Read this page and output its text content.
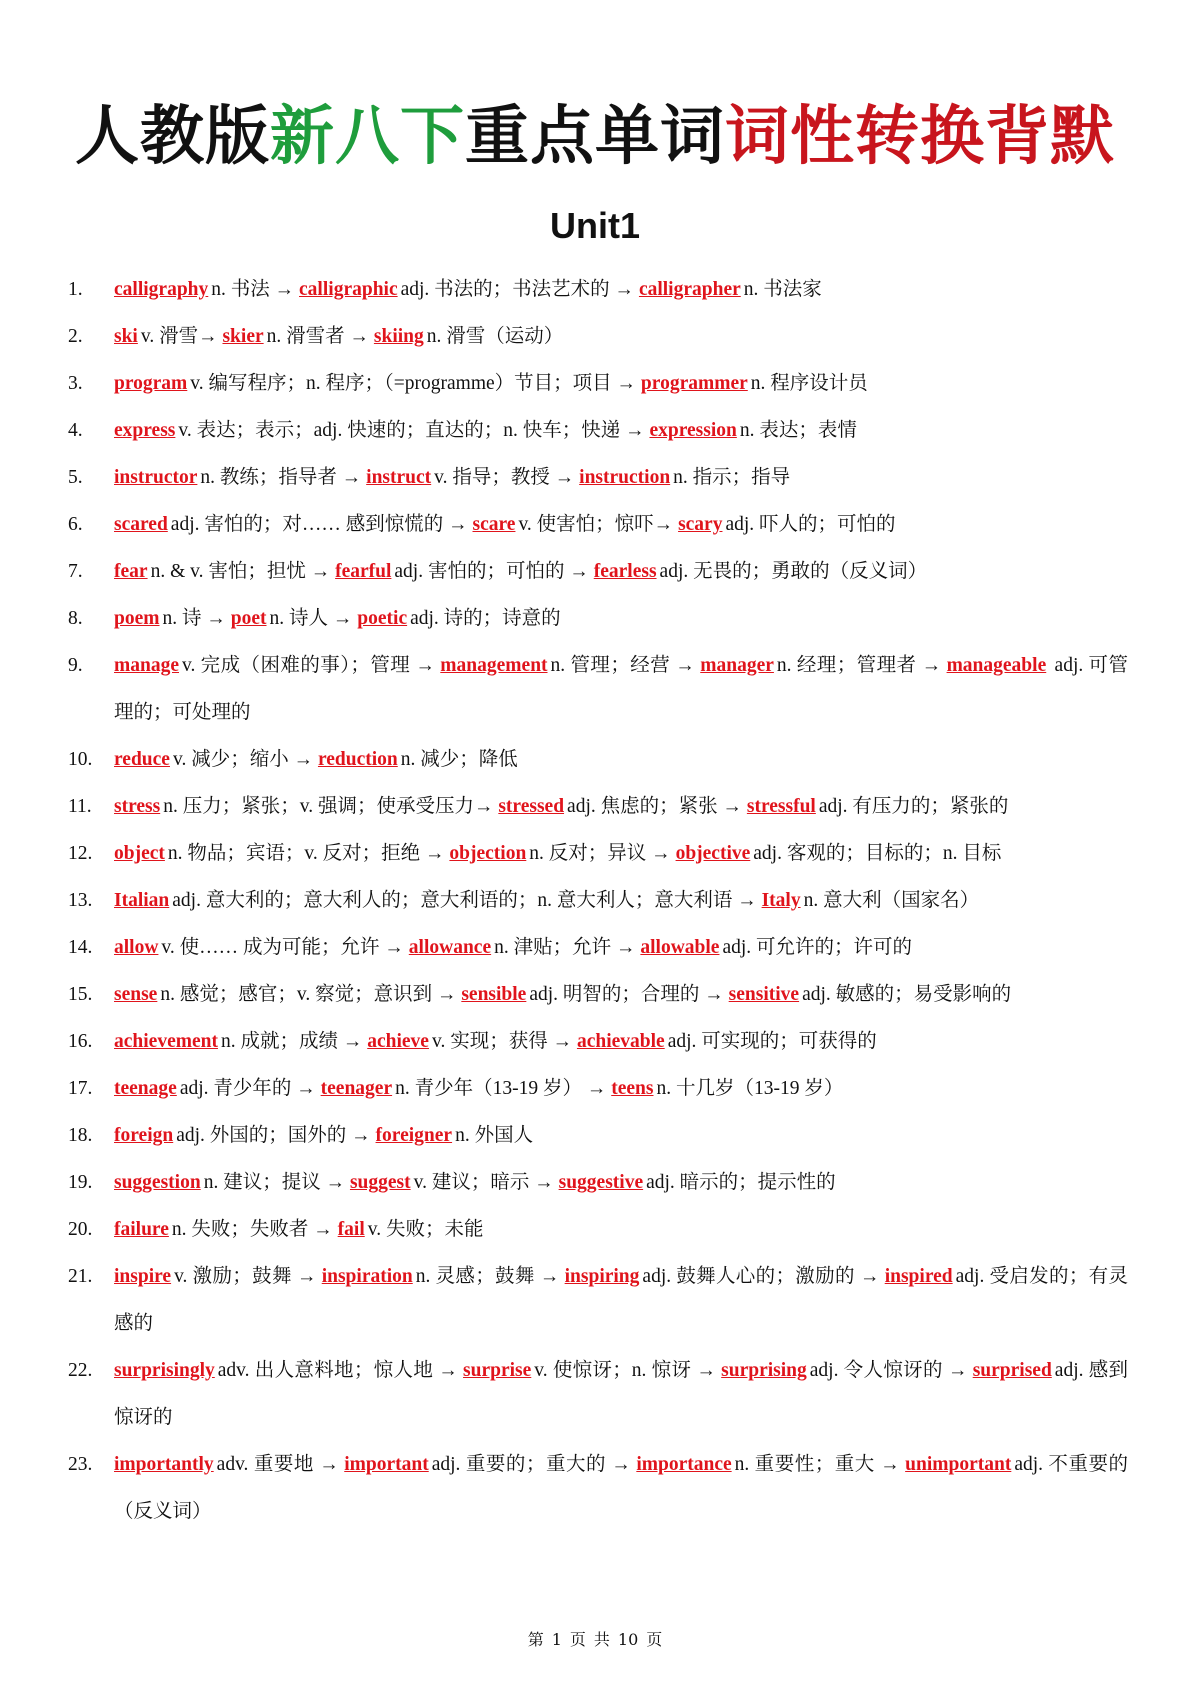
人教版新八下重点单词词性转换背默
Unit1
1.	calligraphy n. 书法 → calligraphic adj. 书法的；书法艺术的 → calligrapher n. 书法家
2.	ski v. 滑雪→ skier n. 滑雪者 → skiing n. 滑雪（运动）
3.	program v. 编写程序；n. 程序；（=programme）节目；项目 → programmer n. 程序设计员
4.	express v. 表达；表示；adj. 快速的；直达的；n. 快车；快递 → expression n. 表达；表情
5.	instructor n. 教练；指导者 → instruct v. 指导；教授 → instruction n. 指示；指导
6.	scared adj. 害怕的；对…… 感到惊慌的 → scare v. 使害怕；惊吓→ scary adj. 吓人的；可怕的
7.	fear n. & v. 害怕；担忧 → fearful adj. 害怕的；可怕的 → fearless adj. 无畏的；勇敢的（反义词）
8.	poem n. 诗 → poet n. 诗人 → poetic adj. 诗的；诗意的
9.	manage v. 完成（困难的事）；管理 → management n. 管理；经营 → manager n. 经理；管理者 → manageable adj. 可管理的；可处理的
10.	reduce v. 减少；缩小 → reduction n. 减少；降低
11.	stress n. 压力；紧张；v. 强调；使承受压力→ stressed adj. 焦虑的；紧张 → stressful adj. 有压力的；紧张的
12.	object n. 物品；宾语；v. 反对；拒绝 → objection n. 反对；异议 → objective adj. 客观的；目标的；n. 目标
13.	Italian adj. 意大利的；意大利人的；意大利语的；n. 意大利人；意大利语 → Italy n. 意大利（国家名）
14.	allow v. 使…… 成为可能；允许 → allowance n. 津贴；允许 → allowable adj. 可允许的；许可的
15.	sense n. 感觉；感官；v. 察觉；意识到 → sensible adj. 明智的；合理的 → sensitive adj. 敏感的；易受影响的
16.	achievement n. 成就；成绩 → achieve v. 实现；获得 → achievable adj. 可实现的；可获得的
17.	teenage adj. 青少年的 → teenager n. 青少年（13-19 岁） → teens n. 十几岁（13-19 岁）
18.	foreign adj. 外国的；国外的 → foreigner n. 外国人
19.	suggestion n. 建议；提议 → suggest v. 建议；暗示 → suggestive adj. 暗示的；提示性的
20.	failure n. 失败；失败者 → fail v. 失败；未能
21.	inspire v. 激励；鼓舞 → inspiration n. 灵感；鼓舞 → inspiring adj. 鼓舞人心的；激励的 → inspired adj. 受启发的；有灵感的
22.	surprisingly adv. 出人意料地；惊人地 → surprise v. 使惊讶；n. 惊讶 → surprising adj. 令人惊讶的 → surprised adj. 感到惊讶的
23.	importantly adv. 重要地 → important adj. 重要的；重大的 → importance n. 重要性；重大 → unimportant adj. 不重要的（反义词）
第 1 页 共 10 页
